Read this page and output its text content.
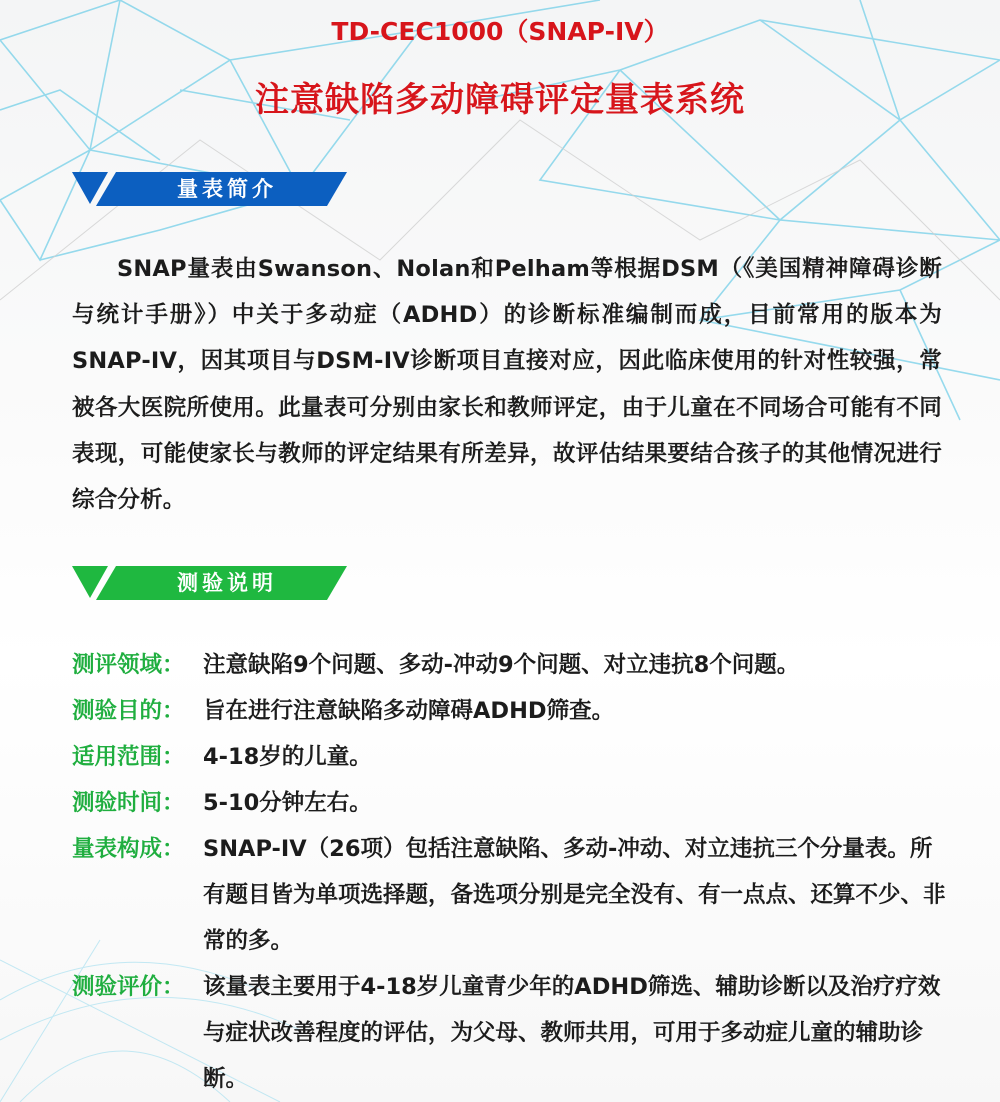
TD-CEC1000（SNAP-IV）
注意缺陷多动障碍评定量表系统
量表简介
SNAP量表由Swanson、Nolan和Pelham等根据DSM（《美国精神障碍诊断与统计手册》）中关于多动症（ADHD）的诊断标准编制而成，目前常用的版本为SNAP-IV，因其项目与DSM-IV诊断项目直接对应，因此临床使用的针对性较强，常被各大医院所使用。此量表可分别由家长和教师评定，由于儿童在不同场合可能有不同表现，可能使家长与教师的评定结果有所差异，故评估结果要结合孩子的其他情况进行综合分析。
测验说明
测评领域： 注意缺陷9个问题、多动-冲动9个问题、对立违抗8个问题。
测验目的： 旨在进行注意缺陷多动障碍ADHD筛查。
适用范围： 4-18岁的儿童。
测验时间： 5-10分钟左右。
量表构成： SNAP-IV（26项）包括注意缺陷、多动-冲动、对立违抗三个分量表。所有题目皆为单项选择题，备选项分别是完全没有、有一点点、还算不少、非常的多。
测验评价： 该量表主要用于4-18岁儿童青少年的ADHD筛选、辅助诊断以及治疗疗效与症状改善程度的评估，为父母、教师共用，可用于多动症儿童的辅助诊断。
